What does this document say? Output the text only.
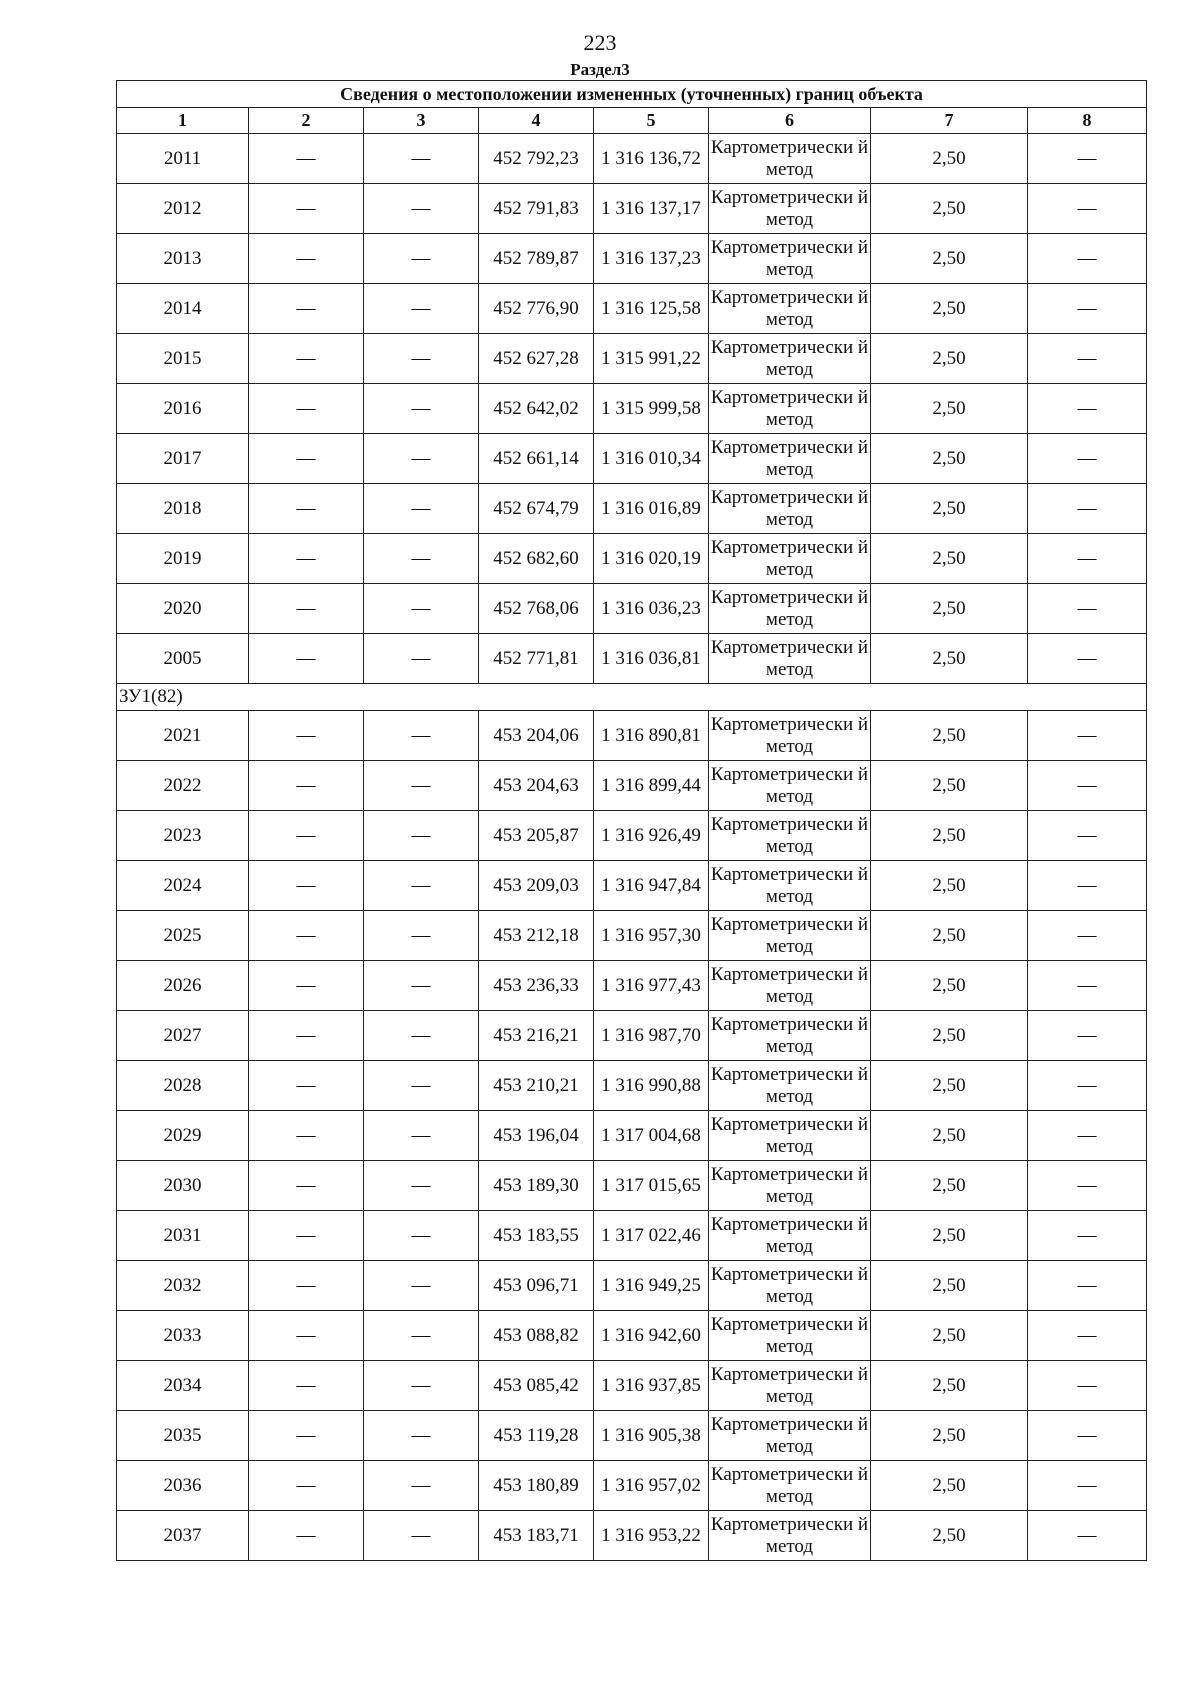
223
Раздел3
Сведения о местоположении измененных (уточненных) границ объекта							
1	2	3	4	5	6	7	8
2011	—	—	452 792,23	1 316 136,72	Картометрически й метод	2,50	—
2012	—	—	452 791,83	1 316 137,17	Картометрически й метод	2,50	—
2013	—	—	452 789,87	1 316 137,23	Картометрически й метод	2,50	—
2014	—	—	452 776,90	1 316 125,58	Картометрически й метод	2,50	—
2015	—	—	452 627,28	1 315 991,22	Картометрически й метод	2,50	—
2016	—	—	452 642,02	1 315 999,58	Картометрически й метод	2,50	—
2017	—	—	452 661,14	1 316 010,34	Картометрически й метод	2,50	—
2018	—	—	452 674,79	1 316 016,89	Картометрически й метод	2,50	—
2019	—	—	452 682,60	1 316 020,19	Картометрически й метод	2,50	—
2020	—	—	452 768,06	1 316 036,23	Картометрически й метод	2,50	—
2005	—	—	452 771,81	1 316 036,81	Картометрически й метод	2,50	—
ЗУ1(82)							
2021	—	—	453 204,06	1 316 890,81	Картометрически й метод	2,50	—
2022	—	—	453 204,63	1 316 899,44	Картометрически й метод	2,50	—
2023	—	—	453 205,87	1 316 926,49	Картометрически й метод	2,50	—
2024	—	—	453 209,03	1 316 947,84	Картометрически й метод	2,50	—
2025	—	—	453 212,18	1 316 957,30	Картометрически й метод	2,50	—
2026	—	—	453 236,33	1 316 977,43	Картометрически й метод	2,50	—
2027	—	—	453 216,21	1 316 987,70	Картометрически й метод	2,50	—
2028	—	—	453 210,21	1 316 990,88	Картометрически й метод	2,50	—
2029	—	—	453 196,04	1 317 004,68	Картометрически й метод	2,50	—
2030	—	—	453 189,30	1 317 015,65	Картометрически й метод	2,50	—
2031	—	—	453 183,55	1 317 022,46	Картометрически й метод	2,50	—
2032	—	—	453 096,71	1 316 949,25	Картометрически й метод	2,50	—
2033	—	—	453 088,82	1 316 942,60	Картометрически й метод	2,50	—
2034	—	—	453 085,42	1 316 937,85	Картометрически й метод	2,50	—
2035	—	—	453 119,28	1 316 905,38	Картометрически й метод	2,50	—
2036	—	—	453 180,89	1 316 957,02	Картометрически й метод	2,50	—
2037	—	—	453 183,71	1 316 953,22	Картометрически й метод	2,50	—
